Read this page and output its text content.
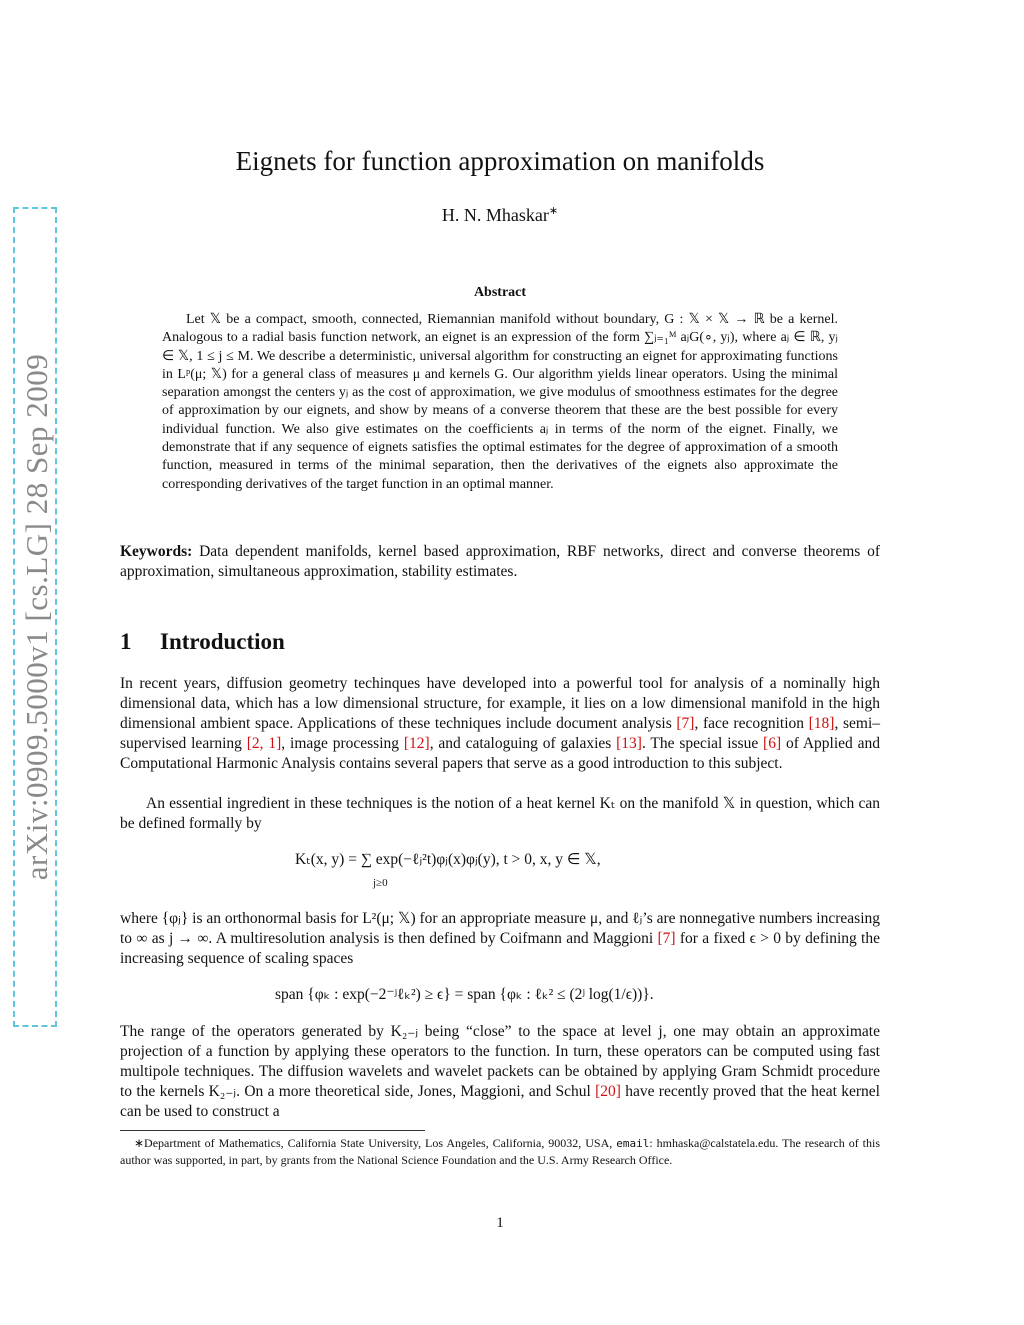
arXiv:0909.5000v1 [cs.LG] 28 Sep 2009
Eignets for function approximation on manifolds
H. N. Mhaskar∗
Abstract
Let 𝕏 be a compact, smooth, connected, Riemannian manifold without boundary, G : 𝕏 × 𝕏 → ℝ be a kernel. Analogous to a radial basis function network, an eignet is an expression of the form ∑ⱼ₌₁ᴹ aⱼG(∘, yⱼ), where aⱼ ∈ ℝ, yⱼ ∈ 𝕏, 1 ≤ j ≤ M. We describe a deterministic, universal algorithm for constructing an eignet for approximating functions in Lᵖ(μ; 𝕏) for a general class of measures μ and kernels G. Our algorithm yields linear operators. Using the minimal separation amongst the centers yⱼ as the cost of approximation, we give modulus of smoothness estimates for the degree of approximation by our eignets, and show by means of a converse theorem that these are the best possible for every individual function. We also give estimates on the coefficients aⱼ in terms of the norm of the eignet. Finally, we demonstrate that if any sequence of eignets satisfies the optimal estimates for the degree of approximation of a smooth function, measured in terms of the minimal separation, then the derivatives of the eignets also approximate the corresponding derivatives of the target function in an optimal manner.
Keywords: Data dependent manifolds, kernel based approximation, RBF networks, direct and converse theorems of approximation, simultaneous approximation, stability estimates.
1 Introduction
In recent years, diffusion geometry techinques have developed into a powerful tool for analysis of a nominally high dimensional data, which has a low dimensional structure, for example, it lies on a low dimensional manifold in the high dimensional ambient space. Applications of these techniques include document analysis [7], face recognition [18], semi–supervised learning [2, 1], image processing [12], and cataloguing of galaxies [13]. The special issue [6] of Applied and Computational Harmonic Analysis contains several papers that serve as a good introduction to this subject.
An essential ingredient in these techniques is the notion of a heat kernel Kₜ on the manifold 𝕏 in question, which can be defined formally by
Kₜ(x, y) = ∑ exp(−ℓⱼ²t)φⱼ(x)φⱼ(y), t > 0, x, y ∈ 𝕏,
j≥0
where {φⱼ} is an orthonormal basis for L²(μ; 𝕏) for an appropriate measure μ, and ℓⱼ’s are nonnegative numbers increasing to ∞ as j → ∞. A multiresolution analysis is then defined by Coifmann and Maggioni [7] for a fixed ϵ > 0 by defining the increasing sequence of scaling spaces
span {φₖ : exp(−2⁻ʲℓₖ²) ≥ ϵ} = span {φₖ : ℓₖ² ≤ (2ʲ log(1/ϵ))}.
The range of the operators generated by K₂₋ⱼ being “close” to the space at level j, one may obtain an approximate projection of a function by applying these operators to the function. In turn, these operators can be computed using fast multipole techniques. The diffusion wavelets and wavelet packets can be obtained by applying Gram Schmidt procedure to the kernels K₂₋ⱼ. On a more theoretical side, Jones, Maggioni, and Schul [20] have recently proved that the heat kernel can be used to construct a
∗Department of Mathematics, California State University, Los Angeles, California, 90032, USA, email: hmhaska@calstatela.edu. The research of this author was supported, in part, by grants from the National Science Foundation and the U.S. Army Research Office.
1
